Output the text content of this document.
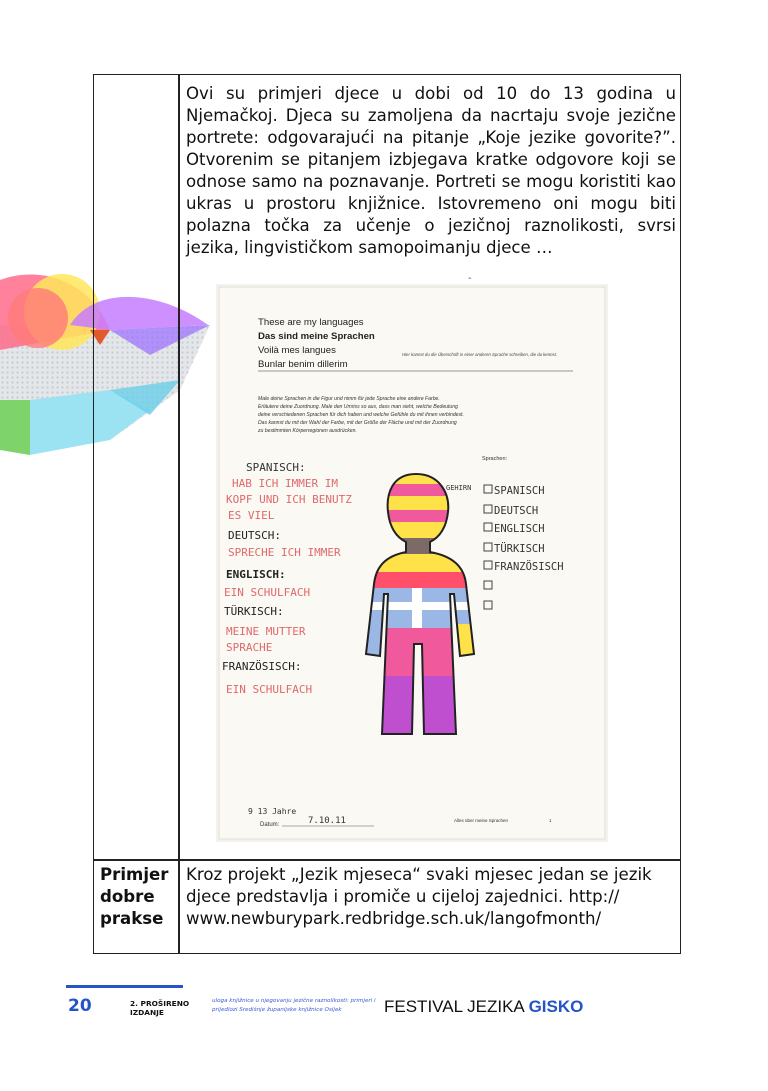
Ovi su primjeri djece u dobi od 10 do 13 godina u Njemačkoj. Djeca su zamoljena da nacrtaju svoje jezične portrete: odgovarajući na pitanje „Koje jezike govorite?”. Otvorenim se pitanjem izbjegava kratke odgovore koji se odnose samo na poznavanje. Portreti se mogu koristiti kao ukras u prostoru knjižnice. Istovremeno oni mogu biti polazna točka za učenje o jezičnoj raznolikosti, svrsi jezika, lingvističkom samopoimanju djece …

-
Primjer dobre prakse

Kroz projekt „Jezik mjeseca“ svaki mjesec jedan se jezik djece predstavlja i promiče u cijeloj zajednici. http:// www.newburypark.redbridge.sch.uk/langofmonth/

These are my languages
Das sind meine Sprachen
Voilà mes langues
Bunlar benim dillerim
Hier kannst du die Überschrift in einer anderen Sprache schreiben, die du kennst.
Male deine Sprachen in die Figur und nimm für jede Sprache eine andere Farbe.
Erläutere deine Zuordnung. Male den Umriss so aus, dass man sieht, welche Bedeutung
deine verschiedenen Sprachen für dich haben und welche Gefühle du mit ihnen verbindest.
Das kannst du mit der Wahl der Farbe, mit der Größe der Fläche und mit der Zuordnung
zu bestimmten Körperregionen ausdrücken.
Sprachen:
SPANISCH:
HAB ICH IMMER IM
KOPF UND ICH BENUTZ
ES VIEL
DEUTSCH:
SPRECHE ICH IMMER
ENGLISCH:
EIN SCHULFACH
TÜRKISCH:
MEINE MUTTER
SPRACHE
FRANZÖSISCH:
EIN SCHULFACH
GEHIRN SPANISCH
DEUTSCH
ENGLISCH
TÜRKISCH
FRANZÖSISCH
9 13 Jahre
Datum:	7.10.11	Alles über meine Sprachen	1
20	2. PROŠIRENO
IZDANJE
uloga knjižnice u njegovanju jezične raznolikosti: primjeri i prijedlozi Središnje županijske knjižnice Osijek	FESTIVAL JEZIKA GISKO
